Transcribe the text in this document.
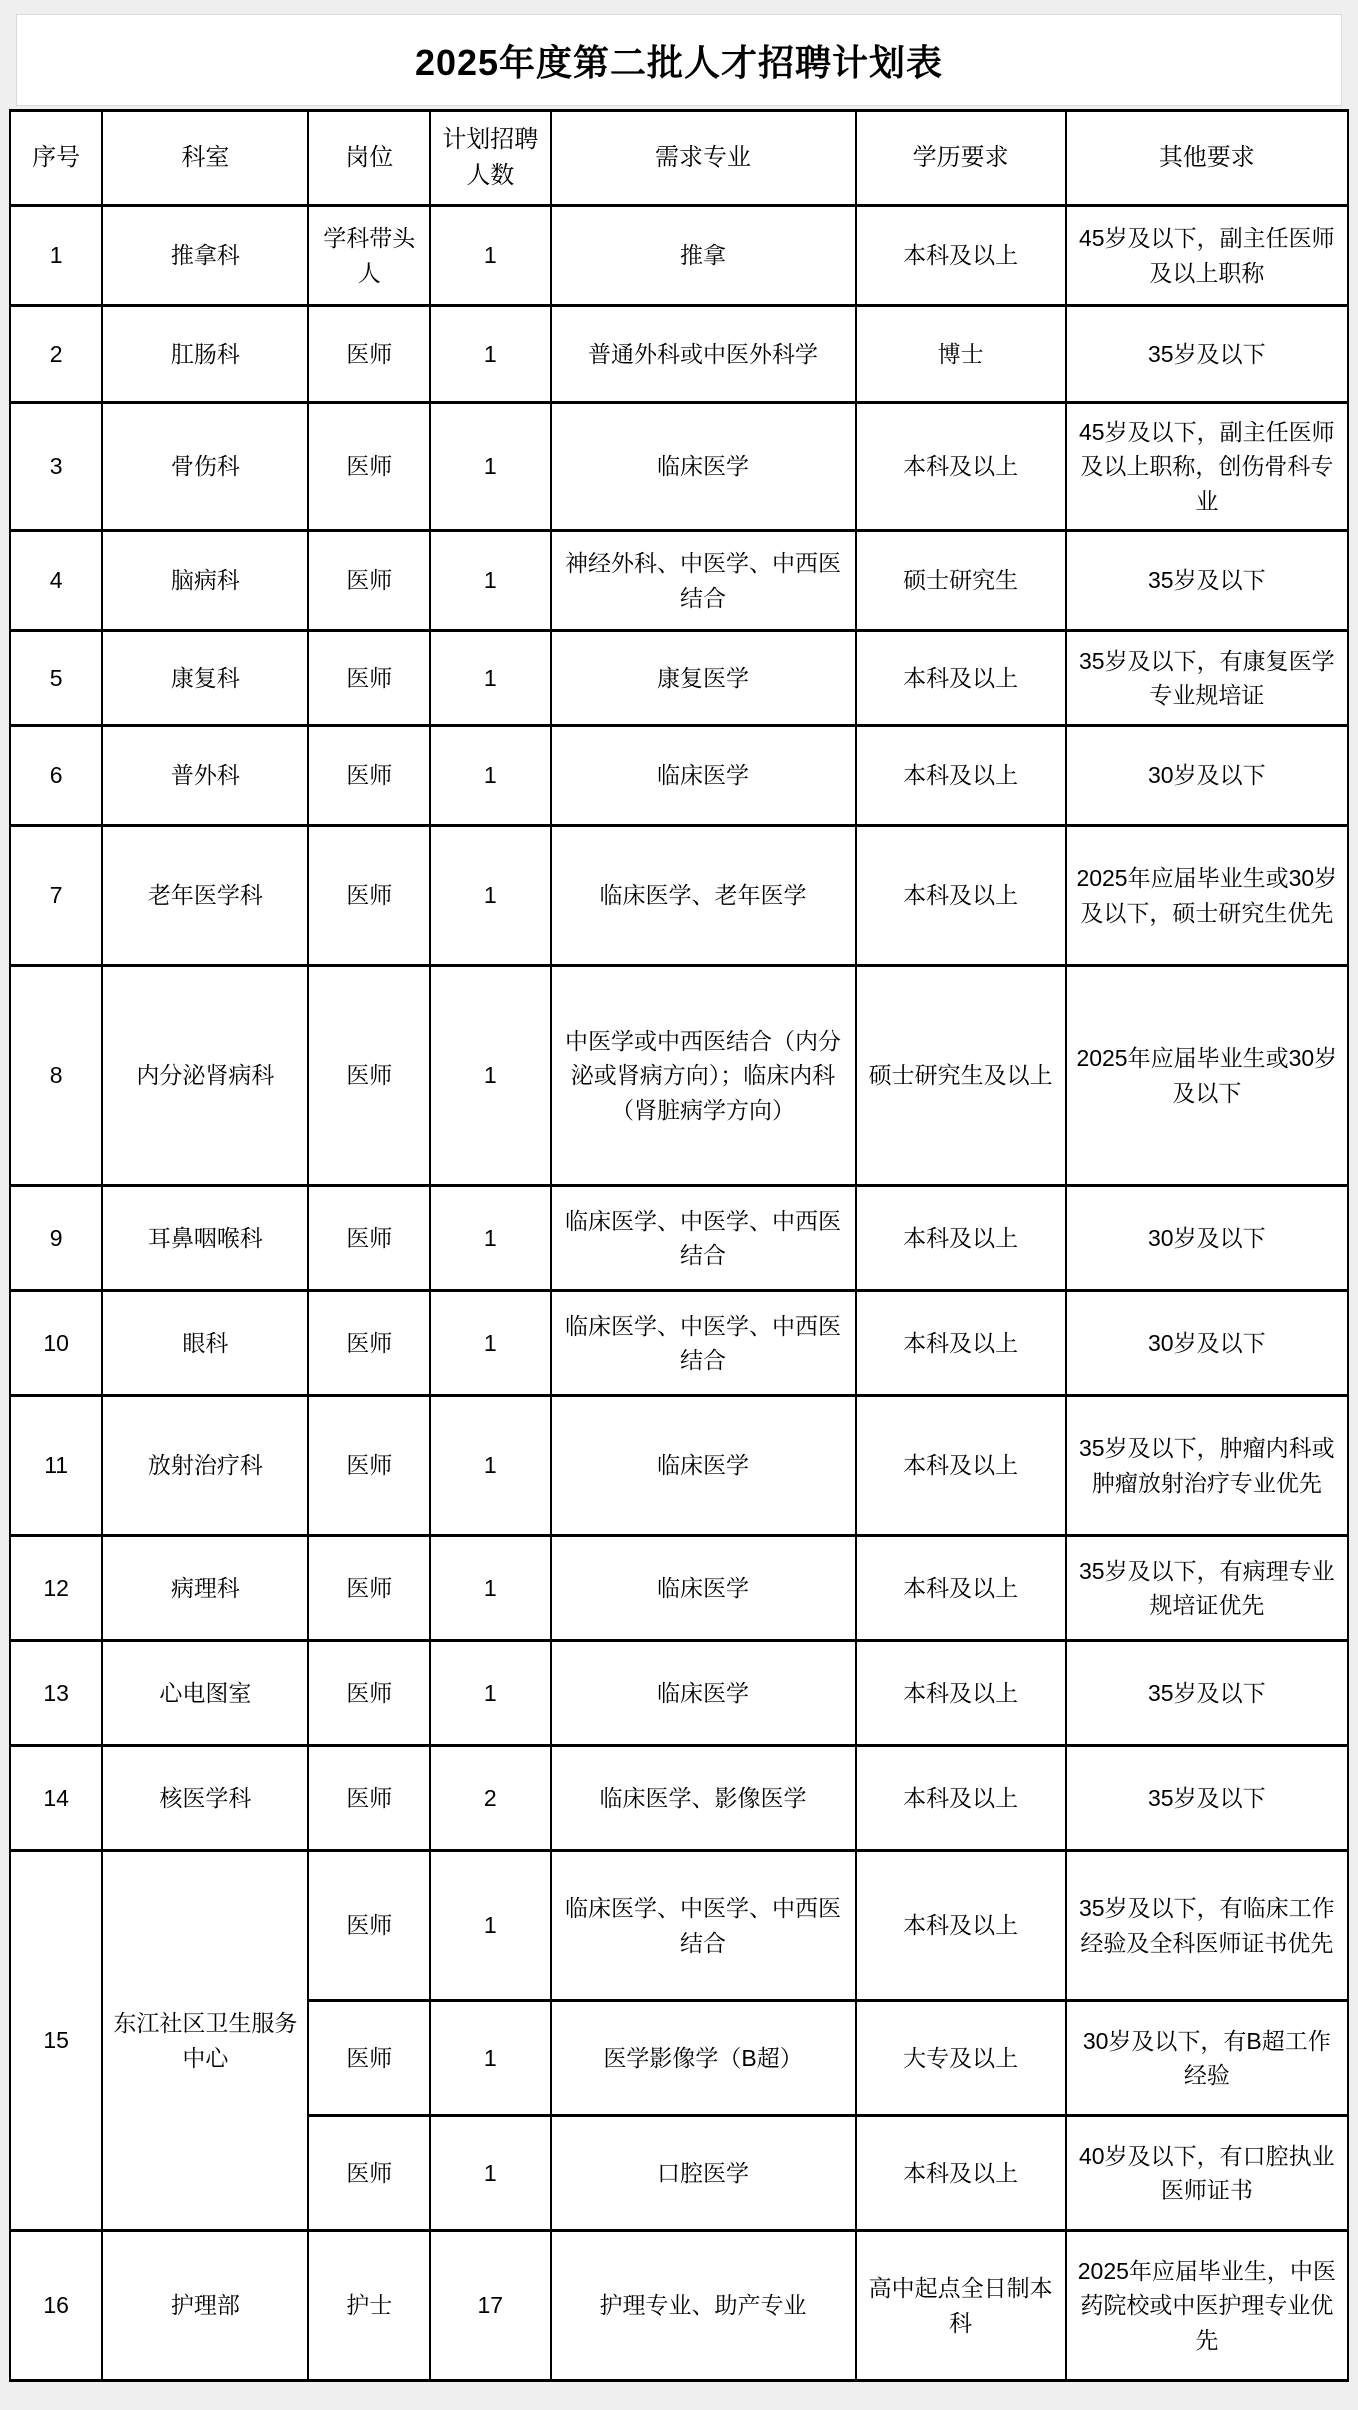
2025年度第二批人才招聘计划表
序号	科室	岗位	计划招聘人数	需求专业	学历要求	其他要求
1	推拿科	学科带头人	1	推拿	本科及以上	45岁及以下，副主任医师及以上职称
2	肛肠科	医师	1	普通外科或中医外科学	博士	35岁及以下
3	骨伤科	医师	1	临床医学	本科及以上	45岁及以下，副主任医师及以上职称，创伤骨科专业
4	脑病科	医师	1	神经外科、中医学、中西医结合	硕士研究生	35岁及以下
5	康复科	医师	1	康复医学	本科及以上	35岁及以下，有康复医学专业规培证
6	普外科	医师	1	临床医学	本科及以上	30岁及以下
7	老年医学科	医师	1	临床医学、老年医学	本科及以上	2025年应届毕业生或30岁及以下，硕士研究生优先
8	内分泌肾病科	医师	1	中医学或中西医结合（内分泌或肾病方向）；临床内科（肾脏病学方向）	硕士研究生及以上	2025年应届毕业生或30岁及以下
9	耳鼻咽喉科	医师	1	临床医学、中医学、中西医结合	本科及以上	30岁及以下
10	眼科	医师	1	临床医学、中医学、中西医结合	本科及以上	30岁及以下
11	放射治疗科	医师	1	临床医学	本科及以上	35岁及以下，肿瘤内科或肿瘤放射治疗专业优先
12	病理科	医师	1	临床医学	本科及以上	35岁及以下，有病理专业规培证优先
13	心电图室	医师	1	临床医学	本科及以上	35岁及以下
14	核医学科	医师	2	临床医学、影像医学	本科及以上	35岁及以下
15	东江社区卫生服务中心	医师	1	临床医学、中医学、中西医结合	本科及以上	35岁及以下，有临床工作经验及全科医师证书优先
		医师	1	医学影像学（B超）	大专及以上	30岁及以下，有B超工作经验
		医师	1	口腔医学	本科及以上	40岁及以下，有口腔执业医师证书
16	护理部	护士	17	护理专业、助产专业	高中起点全日制本科	2025年应届毕业生，中医药院校或中医护理专业优先
